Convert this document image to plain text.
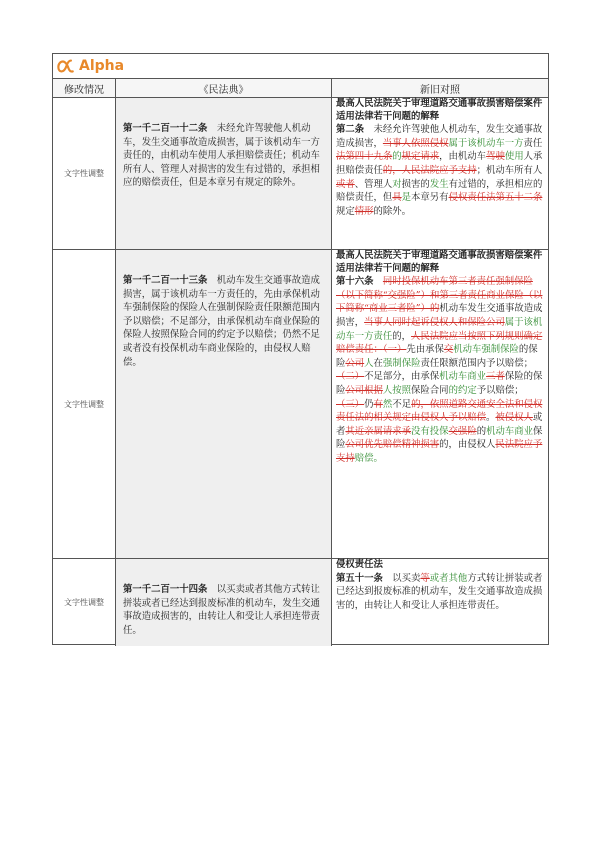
Alpha
修改情况	《民法典》	新旧对照
文字性调整
第一千二百一十二条　未经允许驾驶他人机动车，发生交通事故造成损害，属于该机动车一方责任的，由机动车使用人承担赔偿责任；机动车所有人、管理人对损害的发生有过错的，承担相应的赔偿责任，但是本章另有规定的除外。
最高人民法院关于审理道路交通事故损害赔偿案件适用法律若干问题的解释
第二条　未经允许驾驶他人机动车，发生交通事故造成损害，当事人依照侵权属于该机动车一方责任法第四十九条的规定请求，由机动车驾驶使用人承担赔偿责任的，人民法院应予支持；机动车所有人或者、管理人对损害的发生有过错的，承担相应的赔偿责任，但具是本章另有侵权责任法第五十二条规定情形的除外。
文字性调整
第一千二百一十三条　机动车发生交通事故造成损害，属于该机动车一方责任的，先由承保机动车强制保险的保险人在强制保险责任限额范围内予以赔偿；不足部分，由承保机动车商业保险的保险人按照保险合同的约定予以赔偿；仍然不足或者没有投保机动车商业保险的，由侵权人赔偿。
最高人民法院关于审理道路交通事故损害赔偿案件适用法律若干问题的解释
第十六条　 同时投保机动车第三者责任强制保险（以下简称“交强险”）和第三者责任商业保险（以下简称“商业三者险”）的机动车发生交通事故造成损害，当事人同时起诉侵权人和保险公司属于该机动车一方责任的，人民法院应当按照下列规则确定赔偿责任：（一）先由承保交机动车强制保险的保险公司人在强制保险责任限额范围内予以赔偿；（二）不足部分，由承保机动车商业三者保险的保险公司根据人按照保险合同的约定予以赔偿；（三）仍有然不足的，依照道路交通安全法和侵权责任法的相关规定由侵权人予以赔偿。被侵权人或者其近亲属请求承没有投保交强险的机动车商业保险公司优先赔偿精神损害的，由侵权人民法院应予支持赔偿。
文字性调整
第一千二百一十四条　以买卖或者其他方式转让拼装或者已经达到报废标准的机动车，发生交通事故造成损害的，由转让人和受让人承担连带责任。
侵权责任法
第五十一条　以买卖等或者其他方式转让拼装或者已经达到报废标准的机动车，发生交通事故造成损害的，由转让人和受让人承担连带责任。
